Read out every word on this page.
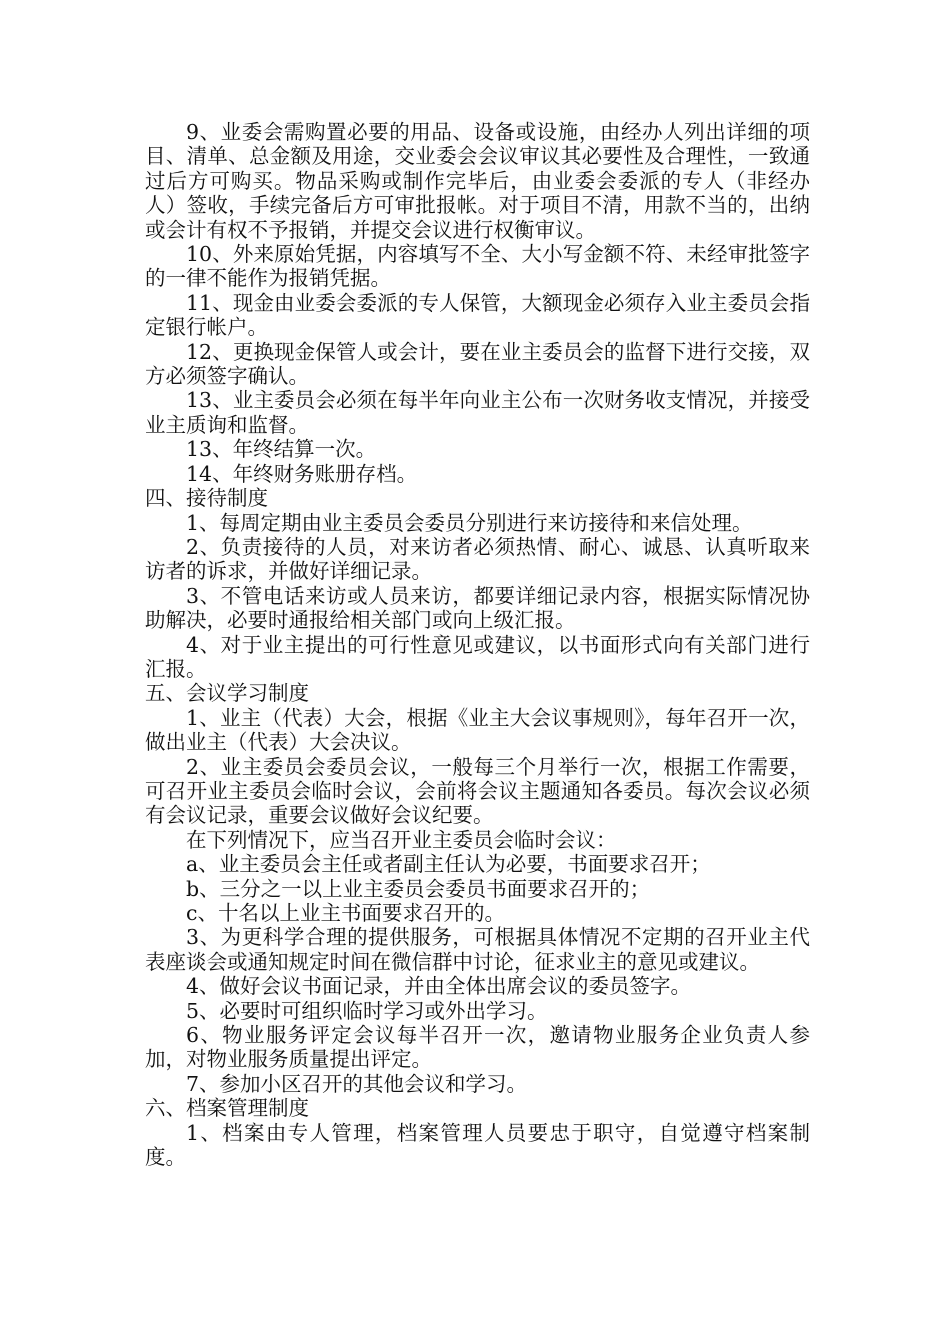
9、业委会需购置必要的用品、设备或设施，由经办人列出详细的项目、清单、总金额及用途，交业委会会议审议其必要性及合理性，一致通过后方可购买。物品采购或制作完毕后，由业委会委派的专人（非经办人）签收，手续完备后方可审批报帐。对于项目不清，用款不当的，出纳或会计有权不予报销，并提交会议进行权衡审议。

10、外来原始凭据，内容填写不全、大小写金额不符、未经审批签字的一律不能作为报销凭据。

11、现金由业委会委派的专人保管，大额现金必须存入业主委员会指定银行帐户。

12、更换现金保管人或会计，要在业主委员会的监督下进行交接，双方必须签字确认。

13、业主委员会必须在每半年向业主公布一次财务收支情况，并接受业主质询和监督。

13、年终结算一次。

14、年终财务账册存档。

四、接待制度

1、每周定期由业主委员会委员分别进行来访接待和来信处理。

2、负责接待的人员，对来访者必须热情、耐心、诚恳、认真听取来访者的诉求，并做好详细记录。

3、不管电话来访或人员来访，都要详细记录内容，根据实际情况协助解决，必要时通报给相关部门或向上级汇报。

4、对于业主提出的可行性意见或建议，以书面形式向有关部门进行汇报。

五、会议学习制度

1、业主（代表）大会，根据《业主大会议事规则》，每年召开一次，做出业主（代表）大会决议。

2、业主委员会委员会议，一般每三个月举行一次，根据工作需要，可召开业主委员会临时会议，会前将会议主题通知各委员。每次会议必须有会议记录，重要会议做好会议纪要。

在下列情况下，应当召开业主委员会临时会议：

a、业主委员会主任或者副主任认为必要，书面要求召开；

b、三分之一以上业主委员会委员书面要求召开的；

c、十名以上业主书面要求召开的。

3、为更科学合理的提供服务，可根据具体情况不定期的召开业主代表座谈会或通知规定时间在微信群中讨论，征求业主的意见或建议。

4、做好会议书面记录，并由全体出席会议的委员签字。

5、必要时可组织临时学习或外出学习。

6、物业服务评定会议每半召开一次，邀请物业服务企业负责人参加，对物业服务质量提出评定。

7、参加小区召开的其他会议和学习。

六、档案管理制度

1、档案由专人管理，档案管理人员要忠于职守，自觉遵守档案制度。
